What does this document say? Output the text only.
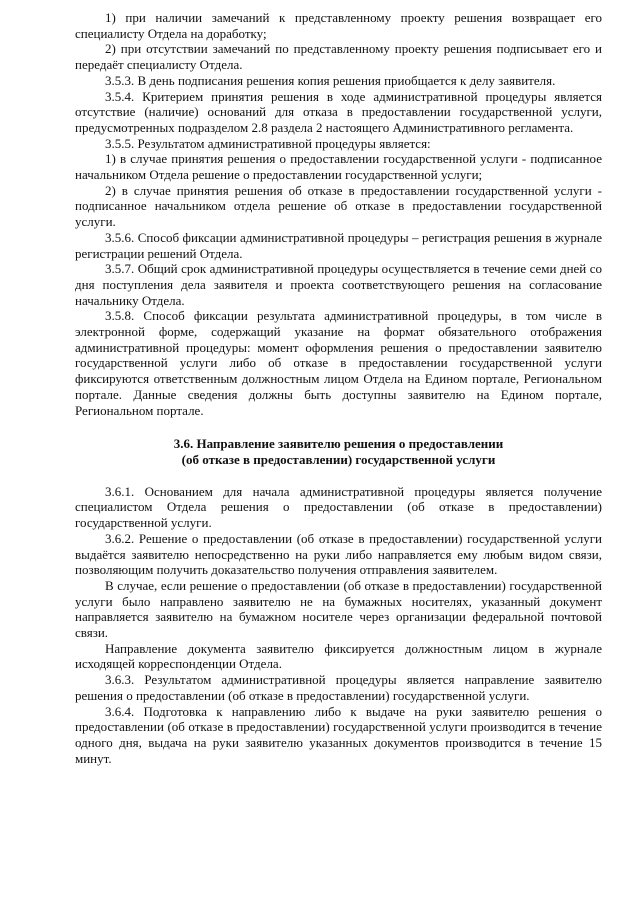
1) при наличии замечаний к представленному проекту решения возвращает его специалисту Отдела на доработку;

2) при отсутствии замечаний по представленному проекту решения подписывает его и передаёт специалисту Отдела.

3.5.3. В день подписания решения копия решения приобщается к делу заявителя.

3.5.4. Критерием принятия решения в ходе административной процедуры является отсутствие (наличие) оснований для отказа в предоставлении государственной услуги, предусмотренных подразделом 2.8 раздела 2 настоящего Административного регламента.

3.5.5. Результатом административной процедуры является:

1) в случае принятия решения о предоставлении государственной услуги - подписанное начальником Отдела решение о предоставлении государственной услуги;

2) в случае принятия решения об отказе в предоставлении государственной услуги - подписанное начальником отдела решение об отказе в предоставлении государственной услуги.

3.5.6. Способ фиксации административной процедуры – регистрация решения в журнале регистрации решений Отдела.

3.5.7. Общий срок административной процедуры осуществляется в течение семи дней со дня поступления дела заявителя и проекта соответствующего решения на согласование начальнику Отдела.

3.5.8. Способ фиксации результата административной процедуры, в том числе в электронной форме, содержащий указание на формат обязательного отображения административной процедуры: момент оформления решения о предоставлении заявителю государственной услуги либо об отказе в предоставлении государственной услуги фиксируются ответственным должностным лицом Отдела на Едином портале, Региональном портале. Данные сведения должны быть доступны заявителю на Едином портале, Региональном портале.

3.6. Направление заявителю решения о предоставлении
(об отказе в предоставлении) государственной услуги

3.6.1. Основанием для начала административной процедуры является получение специалистом Отдела решения о предоставлении (об отказе в предоставлении) государственной услуги.

3.6.2. Решение о предоставлении (об отказе в предоставлении) государственной услуги выдаётся заявителю непосредственно на руки либо направляется ему любым видом связи, позволяющим получить доказательство получения отправления заявителем.

В случае, если решение о предоставлении (об отказе в предоставлении) государственной услуги было направлено заявителю не на бумажных носителях, указанный документ направляется заявителю на бумажном носителе через организации федеральной почтовой связи.

Направление документа заявителю фиксируется должностным лицом в журнале исходящей корреспонденции Отдела.

3.6.3. Результатом административной процедуры является направление заявителю решения о предоставлении (об отказе в предоставлении) государственной услуги.

3.6.4. Подготовка к направлению либо к выдаче на руки заявителю решения о предоставлении (об отказе в предоставлении) государственной услуги производится в течение одного дня, выдача на руки заявителю указанных документов производится в течение 15 минут.
